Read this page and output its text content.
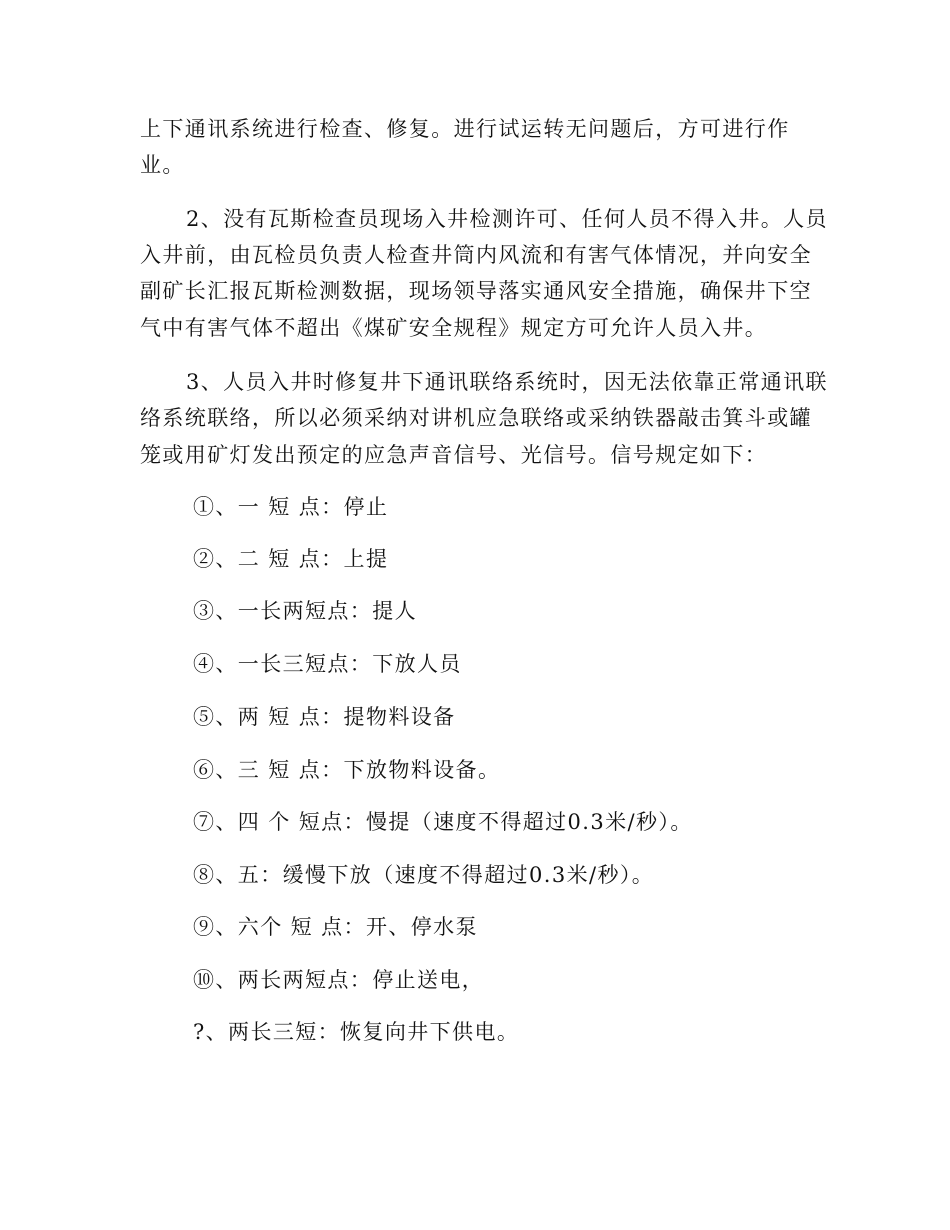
上下通讯系统进行检查、修复。进行试运转无问题后，方可进行作
业。
2、没有瓦斯检查员现场入井检测许可、任何人员不得入井。人员
入井前，由瓦检员负责人检查井筒内风流和有害气体情况，并向安全
副矿长汇报瓦斯检测数据，现场领导落实通风安全措施，确保井下空
气中有害气体不超出《煤矿安全规程》规定方可允许人员入井。
3、人员入井时修复井下通讯联络系统时，因无法依靠正常通讯联
络系统联络，所以必须采纳对讲机应急联络或采纳铁器敲击箕斗或罐
笼或用矿灯发出预定的应急声音信号、光信号。信号规定如下：
①、一 短 点：停止
②、二 短 点：上提
③、一长两短点：提人
④、一长三短点：下放人员
⑤、两 短 点：提物料设备
⑥、三 短 点：下放物料设备。
⑦、四 个 短点：慢提（速度不得超过0.3米/秒）。
⑧、五：缓慢下放（速度不得超过0.3米/秒）。
⑨、六个 短 点：开、停水泵
⑩、两长两短点：停止送电，
?、两长三短：恢复向井下供电。
